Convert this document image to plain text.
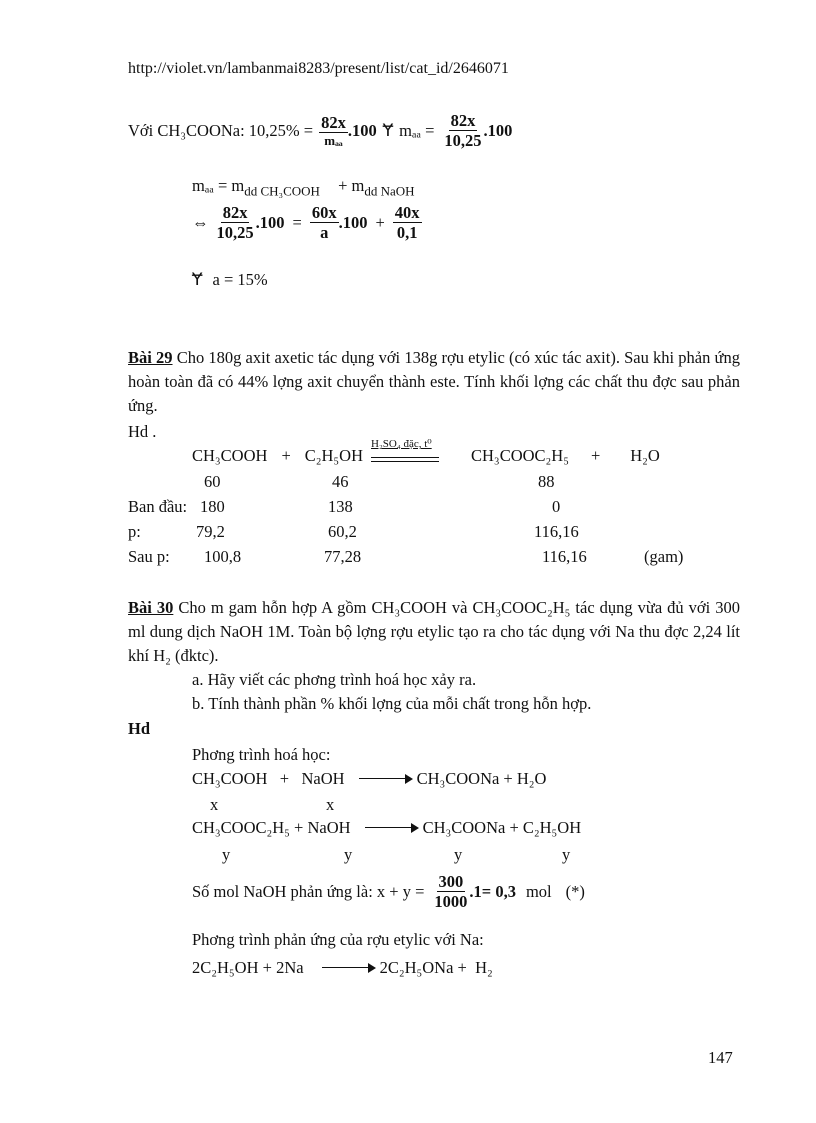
http://violet.vn/lambanmai8283/present/list/cat_id/2646071
Với CH₃COONa: $10,25\% = \frac{82x}{\text{mₐₐ}} .100$ Ɏ $m_{aa} = \frac{82x}{10,25} .100$
$m_{aa} = m_{dd CH_3COOH} + m_{dd NaOH}$
⇔ $\frac{82x}{10,25} .100 = \frac{60x}{a} .100 + \frac{40x}{0,1}$
Ɏ a = 15%
Bài 29 Cho 180g axit axetic tác dụng với 138g rợu etylic (có xúc tác axit). Sau khi phản ứng hoàn toàn đã có 44% lợng axit chuyển thành este. Tính khối lợng các chất thu đợc sau phản ứng.
Hd .
CH₃COOH + C₂H₅OH
H₂SO₄ đặc, t⁰
CH₃COOC₂H₅ + H₂O
60	46	88
Ban đầu: 180	138	0
p:	79,2	60,2	116,16
Sau p: 100,8	77,28	116,16	(gam)
Bài 30 Cho m gam hỗn hợp A gồm CH₃COOH và CH₃COOC₂H₅ tác dụng vừa đủ với 300 ml dung dịch NaOH 1M. Toàn bộ lợng rợu etylic tạo ra cho tác dụng với Na thu đợc 2,24 lít khí H₂ (đktc).
a. Hãy viết các phơng trình hoá học xảy ra.
b. Tính thành phần % khối lợng của mỗi chất trong hỗn hợp.
Hd
Phơng trình hoá học:
CH₃COOH   +   NaOH	CH₃COONa + H₂O
x	x
CH₃COOC₂H₅ + NaOH	CH₃COONa + C₂H₅OH
y	y	y	y
Số mol NaOH phản ứng là: $x + y = \frac{300}{1000} .1= 0,3$ mol (*)
Phơng trình phản ứng của rợu etylic với Na:
2C₂H₅OH + 2Na	2C₂H₅ONa +  H₂
147
